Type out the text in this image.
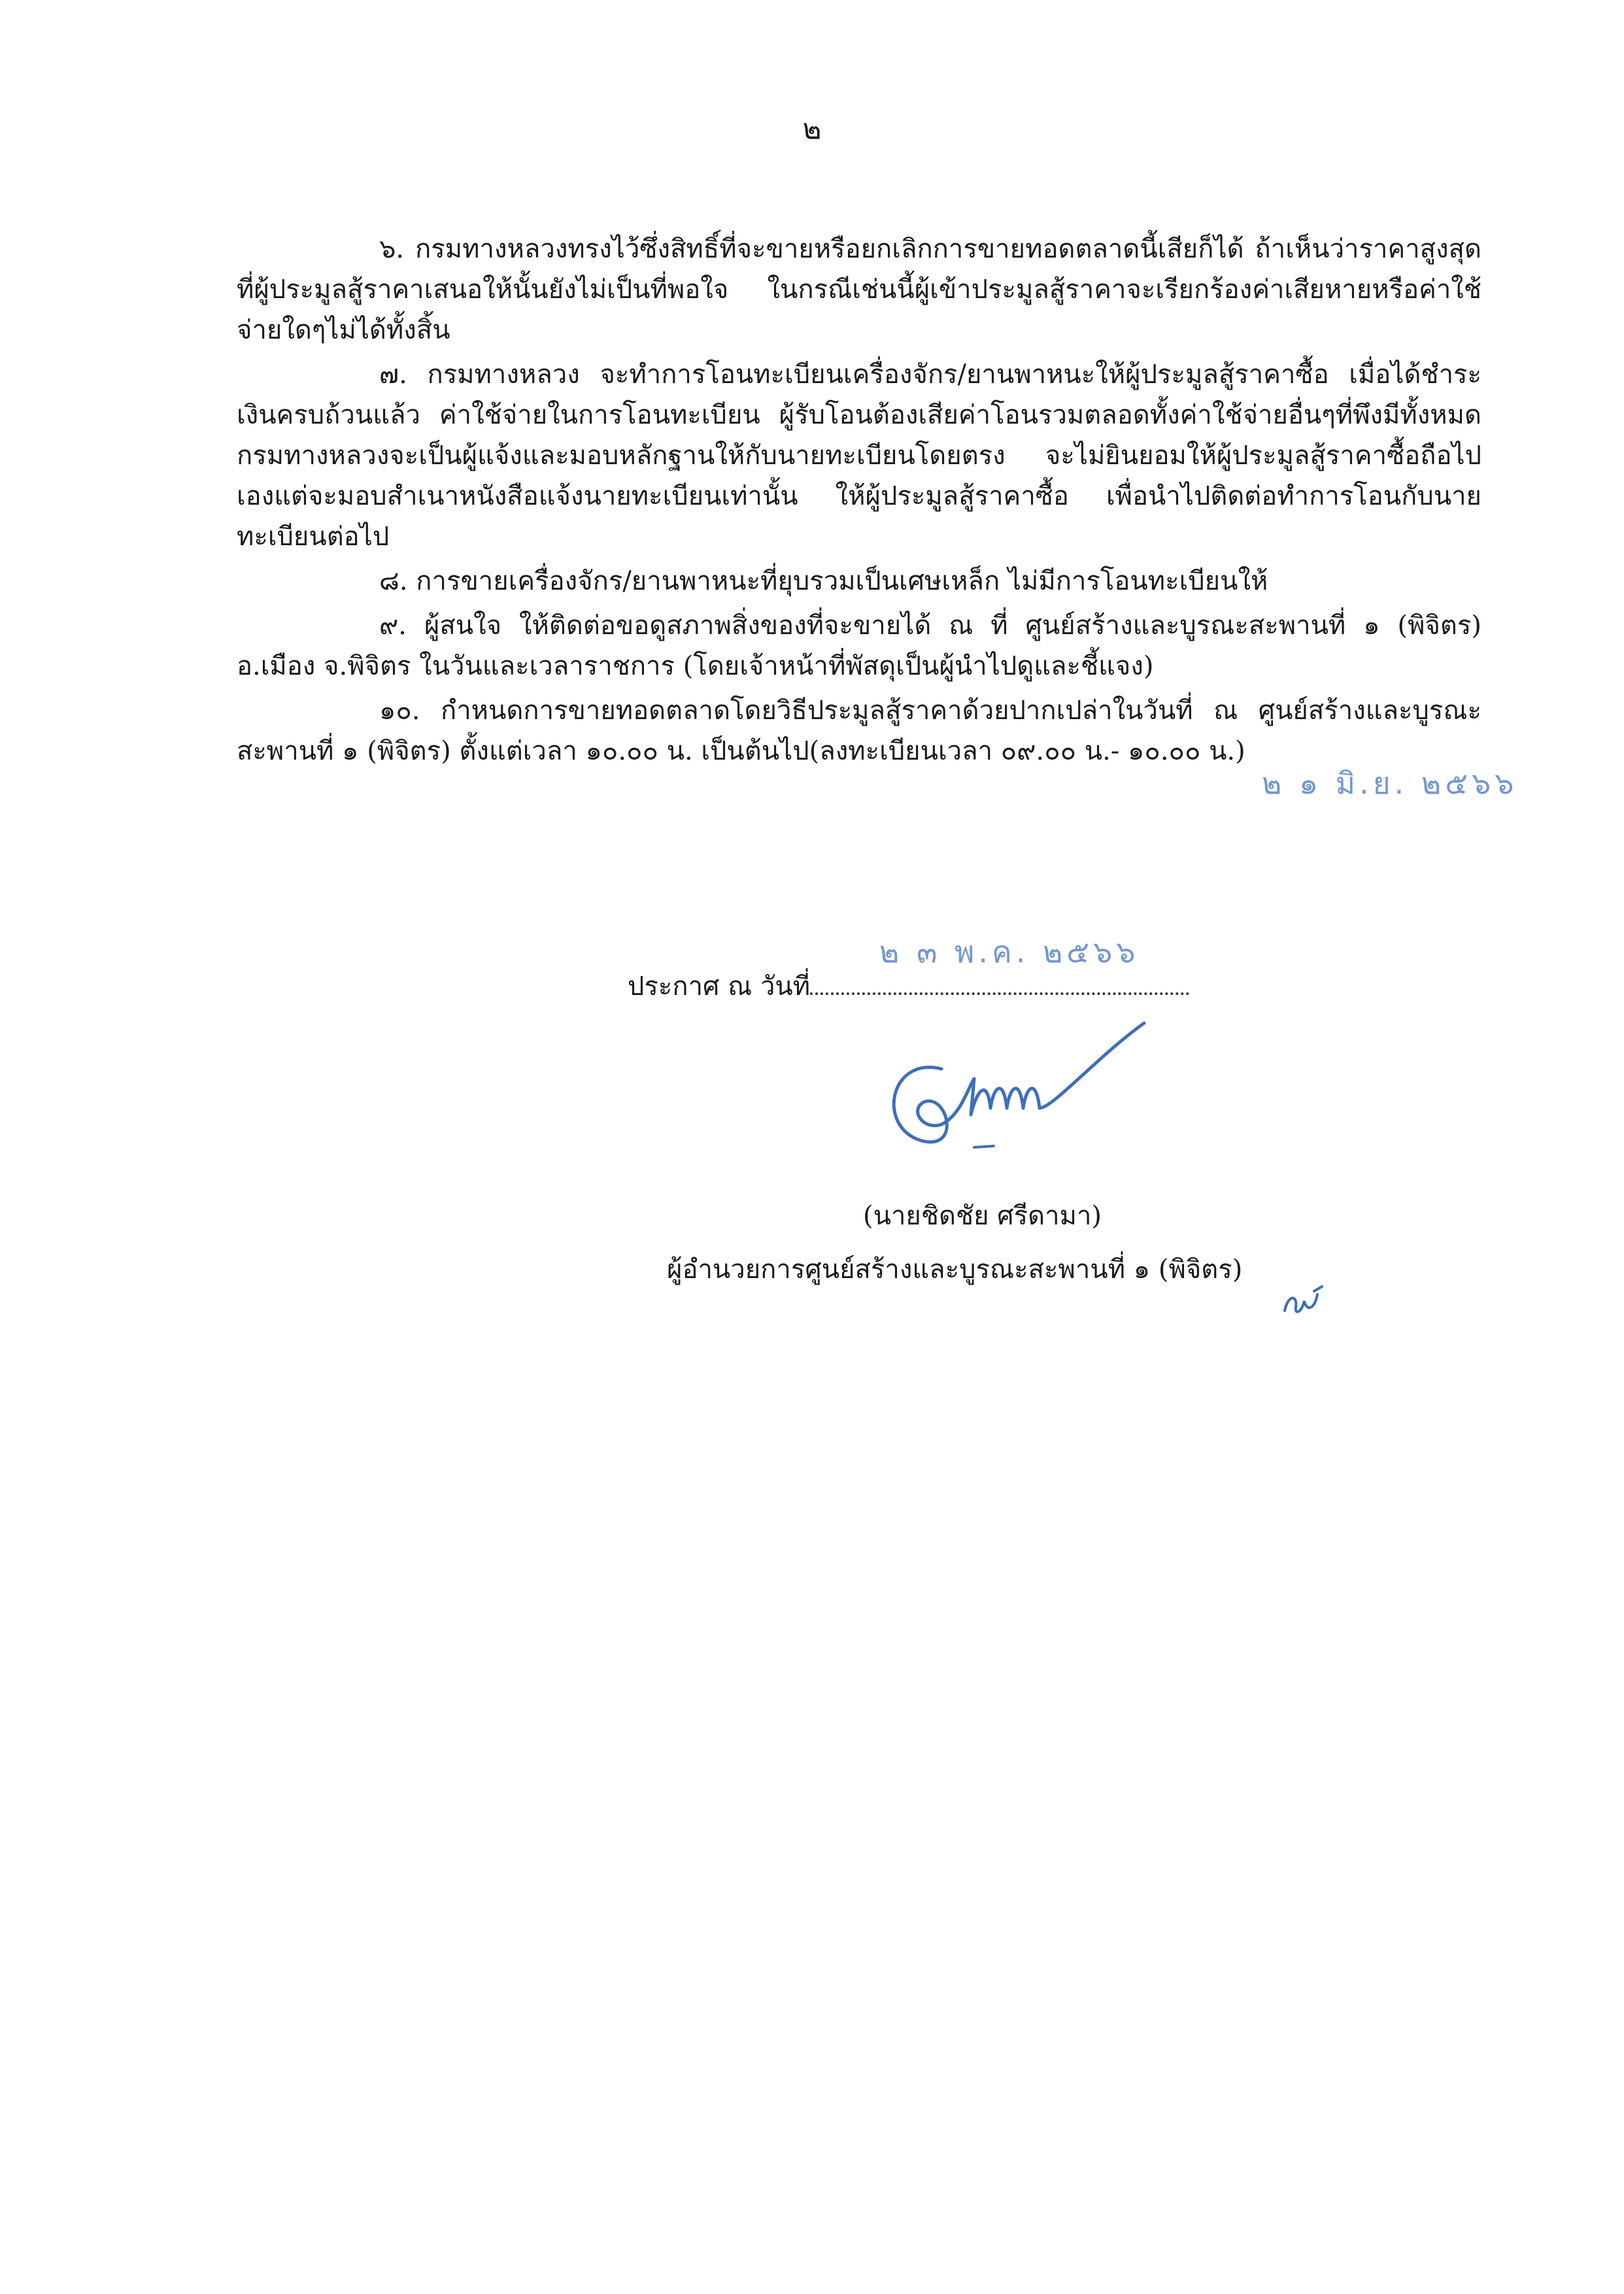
๒

๖. กรมทางหลวงทรงไว้ซึ่งสิทธิ์ที่จะขายหรือยกเลิกการขายทอดตลาดนี้เสียก็ได้ ถ้าเห็นว่าราคาสูงสุดที่ผู้ประมูลสู้ราคาเสนอให้นั้นยังไม่เป็นที่พอใจ ในกรณีเช่นนี้ผู้เข้าประมูลสู้ราคาจะเรียกร้องค่าเสียหายหรือค่าใช้จ่ายใดๆไม่ได้ทั้งสิ้น

๗. กรมทางหลวง จะทำการโอนทะเบียนเครื่องจักร/ยานพาหนะให้ผู้ประมูลสู้ราคาซื้อ เมื่อได้ชำระเงินครบถ้วนแล้ว ค่าใช้จ่ายในการโอนทะเบียน ผู้รับโอนต้องเสียค่าโอนรวมตลอดทั้งค่าใช้จ่ายอื่นๆที่พึงมีทั้งหมดกรมทางหลวงจะเป็นผู้แจ้งและมอบหลักฐานให้กับนายทะเบียนโดยตรง จะไม่ยินยอมให้ผู้ประมูลสู้ราคาซื้อถือไปเองแต่จะมอบสำเนาหนังสือแจ้งนายทะเบียนเท่านั้น ให้ผู้ประมูลสู้ราคาซื้อ เพื่อนำไปติดต่อทำการโอนกับนายทะเบียนต่อไป

๘. การขายเครื่องจักร/ยานพาหนะที่ยุบรวมเป็นเศษเหล็ก ไม่มีการโอนทะเบียนให้

๙. ผู้สนใจ ให้ติดต่อขอดูสภาพสิ่งของที่จะขายได้ ณ ที่ ศูนย์สร้างและบูรณะสะพานที่ ๑ (พิจิตร) อ.เมือง จ.พิจิตร ในวันและเวลาราชการ (โดยเจ้าหน้าที่พัสดุเป็นผู้นำไปดูและชี้แจง)

๑๐. กำหนดการขายทอดตลาดโดยวิธีประมูลสู้ราคาด้วยปากเปล่าในวันที่ ณ ศูนย์สร้างและบูรณะสะพานที่ ๑ (พิจิตร) ตั้งแต่เวลา ๑๐.๐๐ น. เป็นต้นไป(ลงทะเบียนเวลา ๐๙.๐๐ น.- ๑๐.๐๐ น.)

๒ ๑ มิ.ย. ๒๕๖๖
ประกาศ ณ วันที่
๒ ๓ พ.ค. ๒๕๖๖
(นายชิดชัย ศรีดามา)
ผู้อำนวยการศูนย์สร้างและบูรณะสะพานที่ ๑ (พิจิตร)
